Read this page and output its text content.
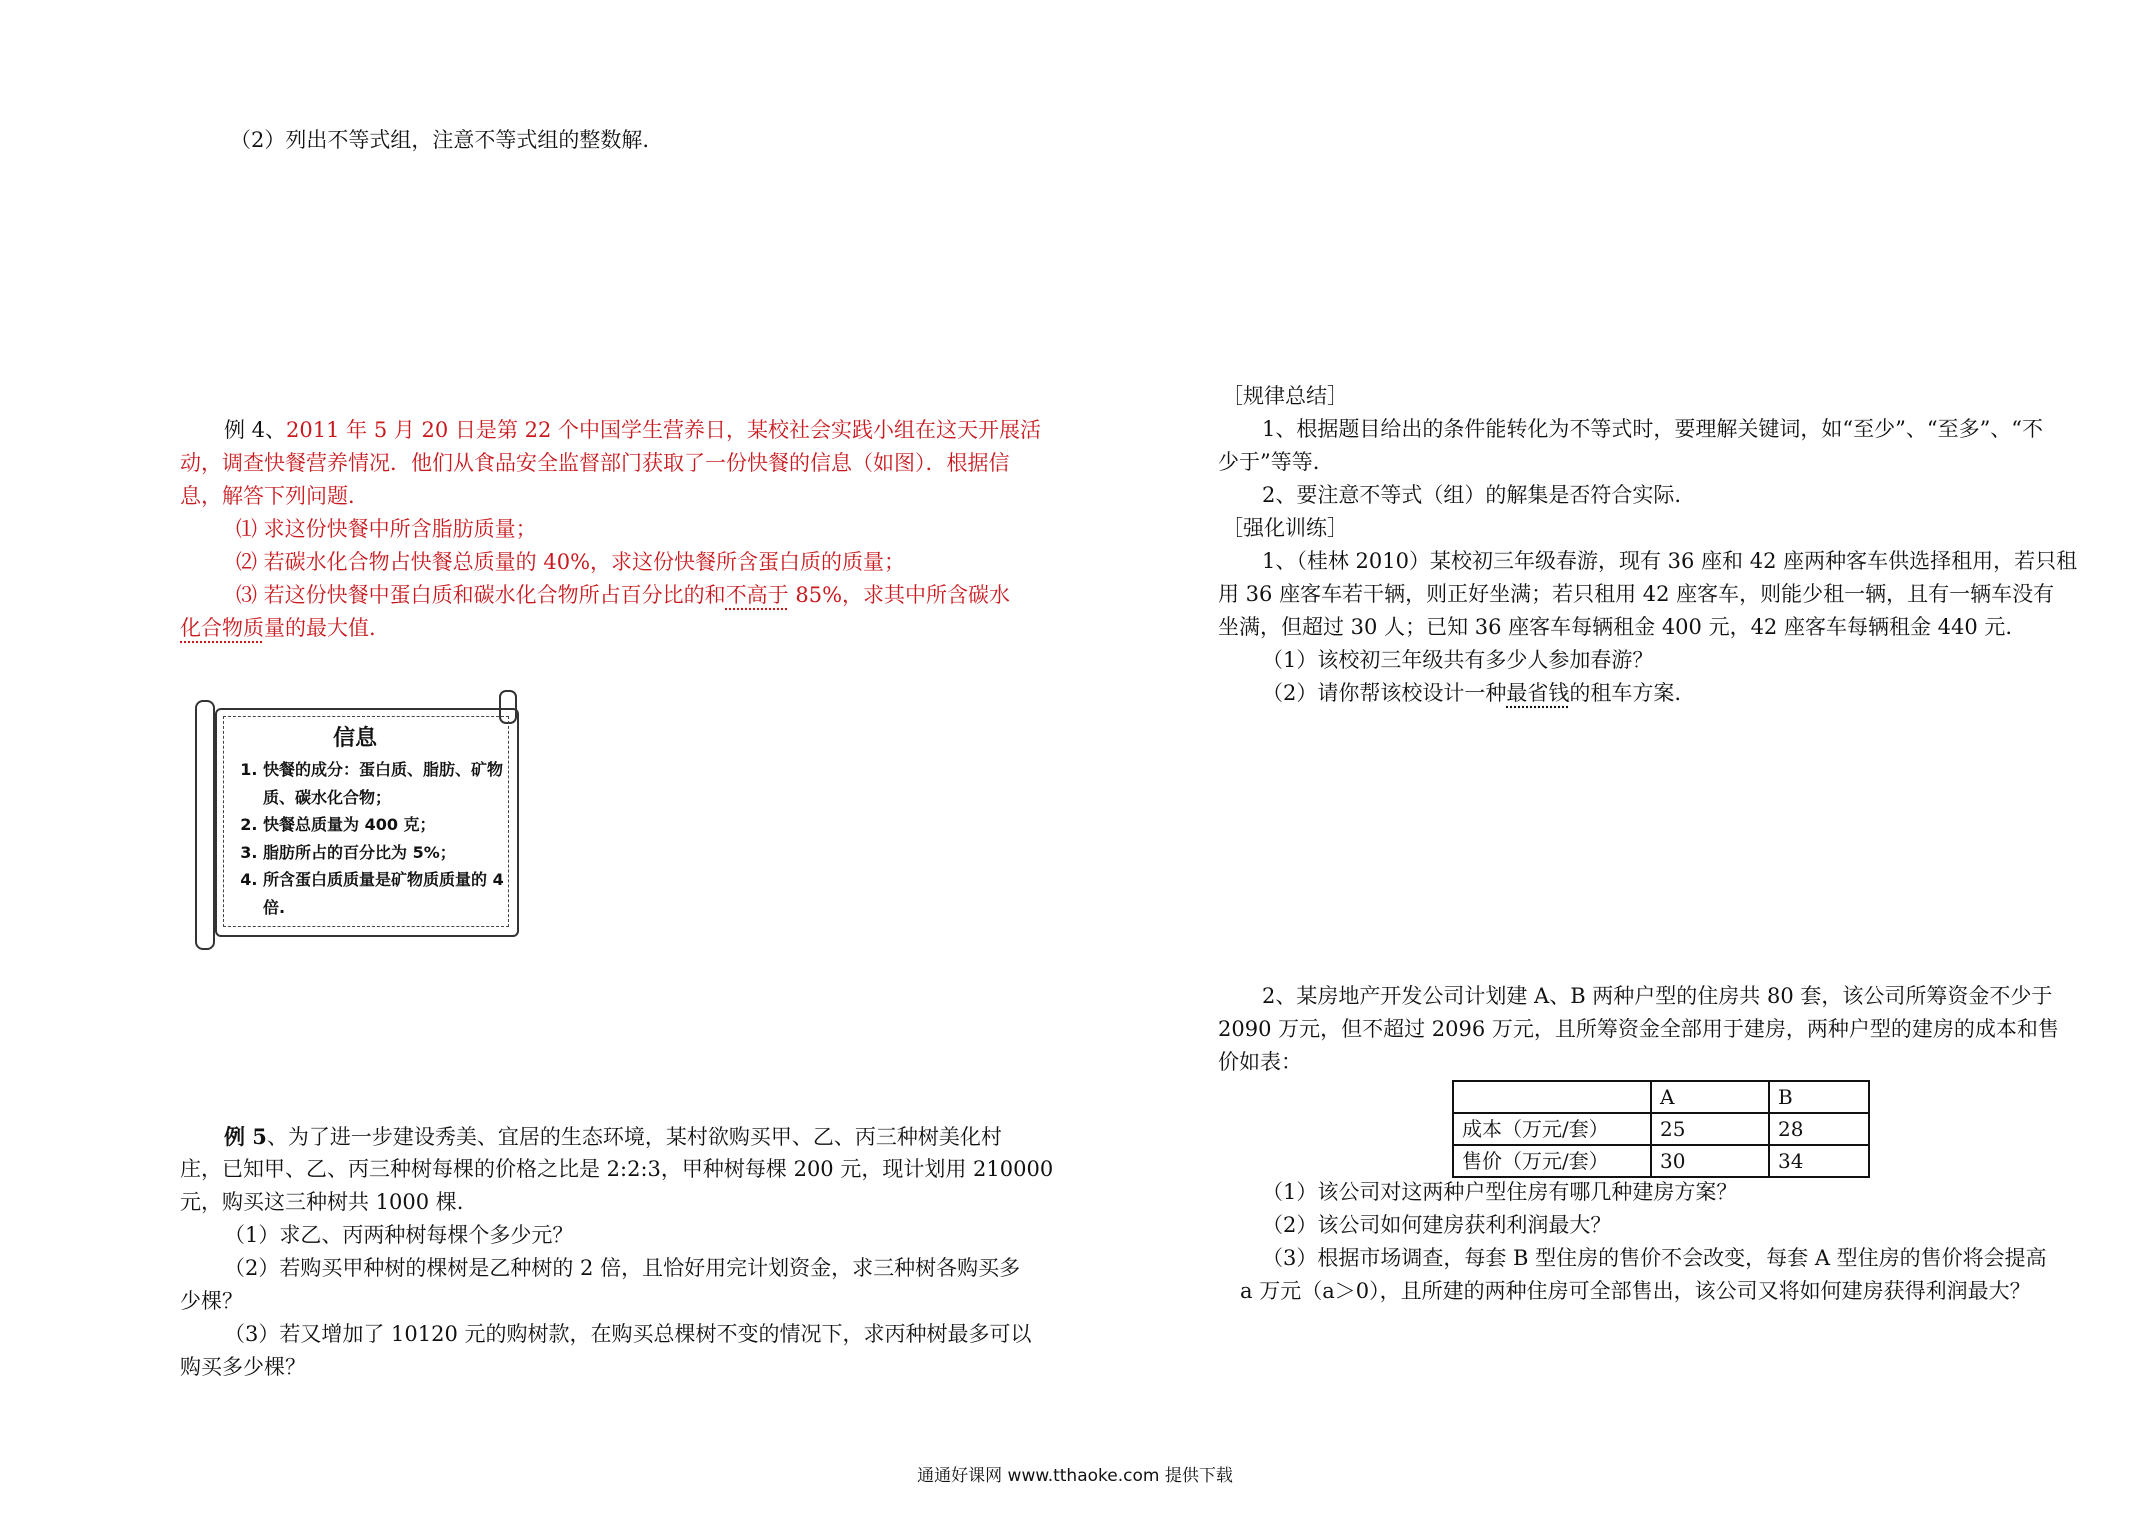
（2）列出不等式组，注意不等式组的整数解.
例 4、2011 年 5 月 20 日是第 22 个中国学生营养日，某校社会实践小组在这天开展活
动，调查快餐营养情况．他们从食品安全监督部门获取了一份快餐的信息（如图）．根据信
息，解答下列问题．
⑴ 求这份快餐中所含脂肪质量；
⑵ 若碳水化合物占快餐总质量的 40%，求这份快餐所含蛋白质的质量；
⑶ 若这份快餐中蛋白质和碳水化合物所占百分比的和不高于 85%，求其中所含碳水
化合物质量的最大值.
信息
1. 快餐的成分：蛋白质、脂肪、矿物质、碳水化合物；
2. 快餐总质量为 400 克；
3. 脂肪所占的百分比为 5%；
4. 所含蛋白质质量是矿物质质量的 4 倍.
例 5、为了进一步建设秀美、宜居的生态环境，某村欲购买甲、乙、丙三种树美化村
庄，已知甲、乙、丙三种树每棵的价格之比是 2:2:3，甲种树每棵 200 元，现计划用 210000
元，购买这三种树共 1000 棵.
（1）求乙、丙两种树每棵个多少元？
（2）若购买甲种树的棵树是乙种树的 2 倍，且恰好用完计划资金，求三种树各购买多
少棵？
（3）若又增加了 10120 元的购树款，在购买总棵树不变的情况下，求丙种树最多可以
购买多少棵？
［规律总结］
1、根据题目给出的条件能转化为不等式时，要理解关键词，如“至少”、“至多”、“不
少于”等等.
2、要注意不等式（组）的解集是否符合实际.
［强化训练］
1、（桂林 2010）某校初三年级春游，现有 36 座和 42 座两种客车供选择租用，若只租
用 36 座客车若干辆，则正好坐满；若只租用 42 座客车，则能少租一辆，且有一辆车没有
坐满，但超过 30 人；已知 36 座客车每辆租金 400 元，42 座客车每辆租金 440 元.
（1）该校初三年级共有多少人参加春游？
（2）请你帮该校设计一种最省钱的租车方案.
2、某房地产开发公司计划建 A、B 两种户型的住房共 80 套，该公司所筹资金不少于
2090 万元，但不超过 2096 万元，且所筹资金全部用于建房，两种户型的建房的成本和售
价如表：
	A	B
成本（万元/套）	25	28
售价（万元/套）	30	34
（1）该公司对这两种户型住房有哪几种建房方案？
（2）该公司如何建房获利利润最大？
（3）根据市场调查，每套 B 型住房的售价不会改变，每套 A 型住房的售价将会提高
a 万元（a＞0），且所建的两种住房可全部售出，该公司又将如何建房获得利润最大？
通通好课网 www.tthaoke.com 提供下载
